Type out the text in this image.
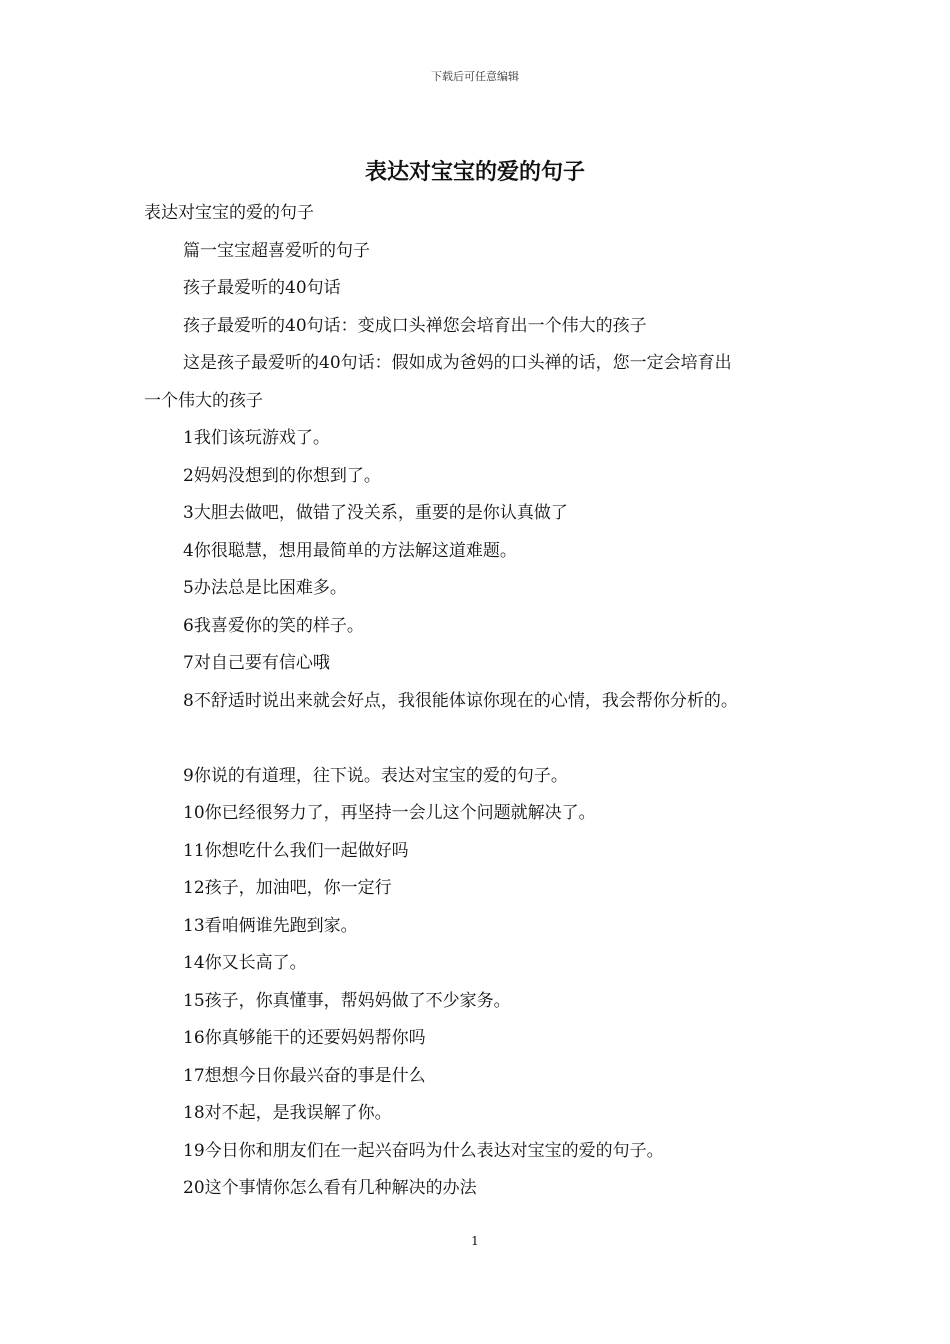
下载后可任意编辑
表达对宝宝的爱的句子
表达对宝宝的爱的句子
篇一宝宝超喜爱听的句子
孩子最爱听的40句话
孩子最爱听的40句话：变成口头禅您会培育出一个伟大的孩子
这是孩子最爱听的40句话：假如成为爸妈的口头禅的话，您一定会培育出
一个伟大的孩子
1我们该玩游戏了。
2妈妈没想到的你想到了。
3大胆去做吧，做错了没关系，重要的是你认真做了
4你很聪慧，想用最简单的方法解这道难题。
5办法总是比困难多。
6我喜爱你的笑的样子。
7对自己要有信心哦
8不舒适时说出来就会好点，我很能体谅你现在的心情，我会帮你分析的。
9你说的有道理，往下说。表达对宝宝的爱的句子。
10你已经很努力了，再坚持一会儿这个问题就解决了。
11你想吃什么我们一起做好吗
12孩子，加油吧，你一定行
13看咱俩谁先跑到家。
14你又长高了。
15孩子，你真懂事，帮妈妈做了不少家务。
16你真够能干的还要妈妈帮你吗
17想想今日你最兴奋的事是什么
18对不起，是我误解了你。
19今日你和朋友们在一起兴奋吗为什么表达对宝宝的爱的句子。
20这个事情你怎么看有几种解决的办法
1
